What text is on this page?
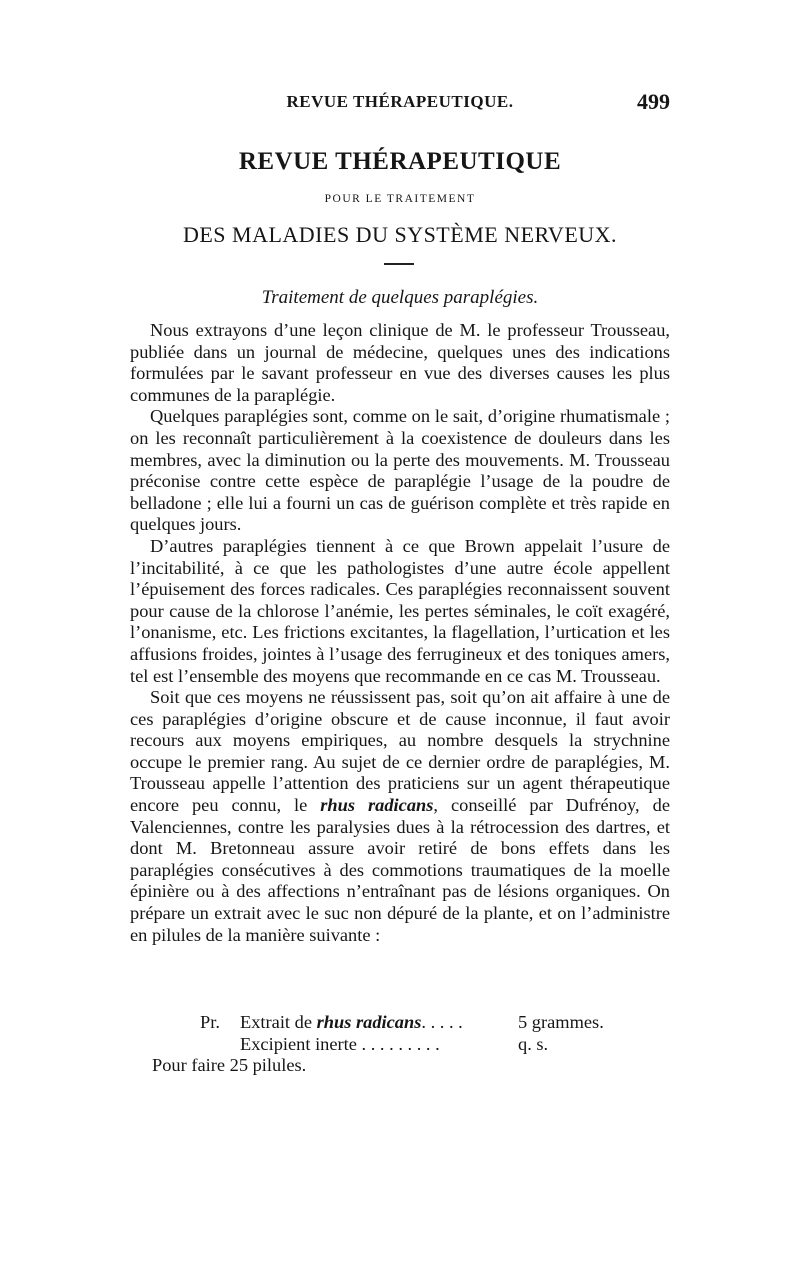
REVUE THÉRAPEUTIQUE.	499
REVUE THÉRAPEUTIQUE
POUR LE TRAITEMENT
DES MALADIES DU SYSTÈME NERVEUX.
Traitement de quelques paraplégies.

Nous extrayons d’une leçon clinique de M. le professeur Trousseau, publiée dans un journal de médecine, quelques unes des indications formulées par le savant professeur en vue des diverses causes les plus communes de la paraplégie.

Quelques paraplégies sont, comme on le sait, d’origine rhumatismale ; on les reconnaît particulièrement à la coexistence de douleurs dans les membres, avec la diminution ou la perte des mouvements. M. Trousseau préconise contre cette espèce de paraplégie l’usage de la poudre de belladone ; elle lui a fourni un cas de guérison complète et très rapide en quelques jours.

D’autres paraplégies tiennent à ce que Brown appelait l’usure de l’incitabilité, à ce que les pathologistes d’une autre école appellent l’épuisement des forces radicales. Ces paraplégies reconnaissent souvent pour cause de la chlorose l’anémie, les pertes séminales, le coït exagéré, l’onanisme, etc. Les frictions excitantes, la flagellation, l’urtication et les affusions froides, jointes à l’usage des ferrugineux et des toniques amers, tel est l’ensemble des moyens que recommande en ce cas M. Trousseau.

Soit que ces moyens ne réussissent pas, soit qu’on ait affaire à une de ces paraplégies d’origine obscure et de cause inconnue, il faut avoir recours aux moyens empiriques, au nombre desquels la strychnine occupe le premier rang. Au sujet de ce dernier ordre de paraplégies, M. Trousseau appelle l’attention des praticiens sur un agent thérapeutique encore peu connu, le rhus radicans, conseillé par Dufrénoy, de Valenciennes, contre les paralysies dues à la rétrocession des dartres, et dont M. Bretonneau assure avoir retiré de bons effets dans les paraplégies consécutives à des commotions traumatiques de la moelle épinière ou à des affections n’entraînant pas de lésions organiques. On prépare un extrait avec le suc non dépuré de la plante, et on l’administre en pilules de la manière suivante :

Pr. Extrait de rhus radicans. . . . .	5 grammes.
Excipient inerte . . . . . . . . .	q. s.
Pour faire 25 pilules.
